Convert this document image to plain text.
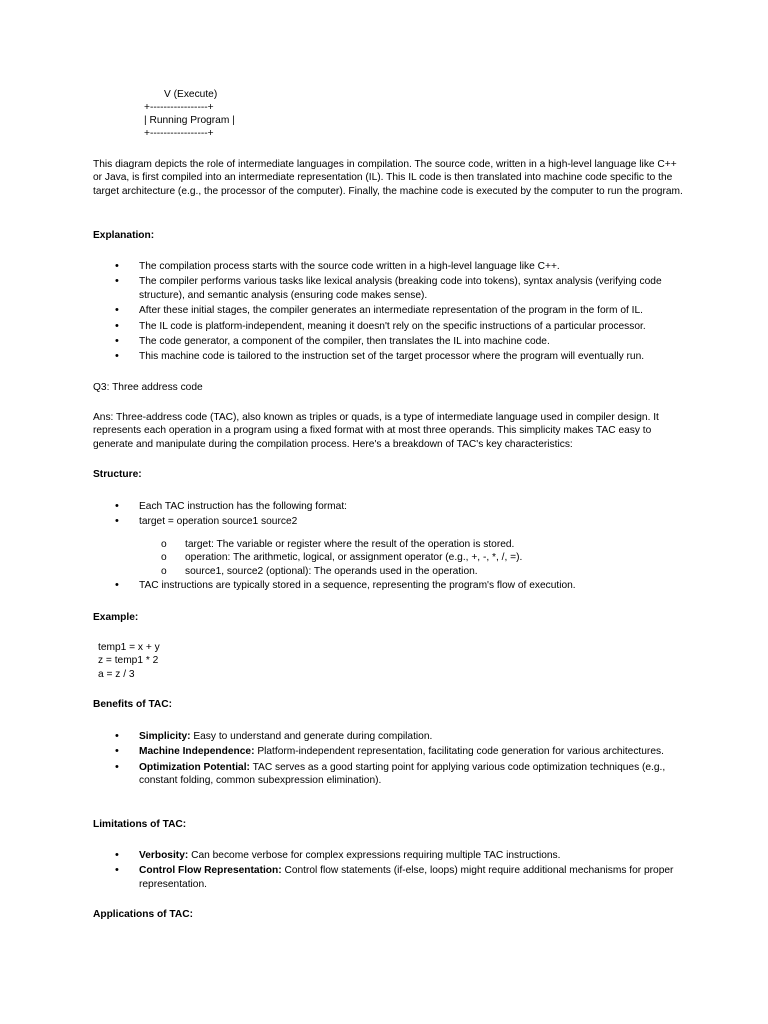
V (Execute)
+-----------------+
| Running Program |
+-----------------+
This diagram depicts the role of intermediate languages in compilation. The source code, written in a high-level language like C++ or Java, is first compiled into an intermediate representation (IL). This IL code is then translated into machine code specific to the target architecture (e.g., the processor of the computer). Finally, the machine code is executed by the computer to run the program.
Explanation:
• The compilation process starts with the source code written in a high-level language like C++.
• The compiler performs various tasks like lexical analysis (breaking code into tokens), syntax analysis (verifying code structure), and semantic analysis (ensuring code makes sense).
• After these initial stages, the compiler generates an intermediate representation of the program in the form of IL.
• The IL code is platform-independent, meaning it doesn't rely on the specific instructions of a particular processor.
• The code generator, a component of the compiler, then translates the IL into machine code.
• This machine code is tailored to the instruction set of the target processor where the program will eventually run.
Q3: Three address code
Ans: Three-address code (TAC), also known as triples or quads, is a type of intermediate language used in compiler design. It represents each operation in a program using a fixed format with at most three operands. This simplicity makes TAC easy to generate and manipulate during the compilation process. Here's a breakdown of TAC's key characteristics:
Structure:
• Each TAC instruction has the following format:
• target = operation source1 source2
o target: The variable or register where the result of the operation is stored.
o operation: The arithmetic, logical, or assignment operator (e.g., +, -, *, /, =).
o source1, source2 (optional): The operands used in the operation.
• TAC instructions are typically stored in a sequence, representing the program's flow of execution.
Example:
temp1 = x + y
z = temp1 * 2
a = z / 3
Benefits of TAC:
• Simplicity: Easy to understand and generate during compilation.
• Machine Independence: Platform-independent representation, facilitating code generation for various architectures.
• Optimization Potential: TAC serves as a good starting point for applying various code optimization techniques (e.g., constant folding, common subexpression elimination).
Limitations of TAC:
• Verbosity: Can become verbose for complex expressions requiring multiple TAC instructions.
• Control Flow Representation: Control flow statements (if-else, loops) might require additional mechanisms for proper representation.
Applications of TAC:
